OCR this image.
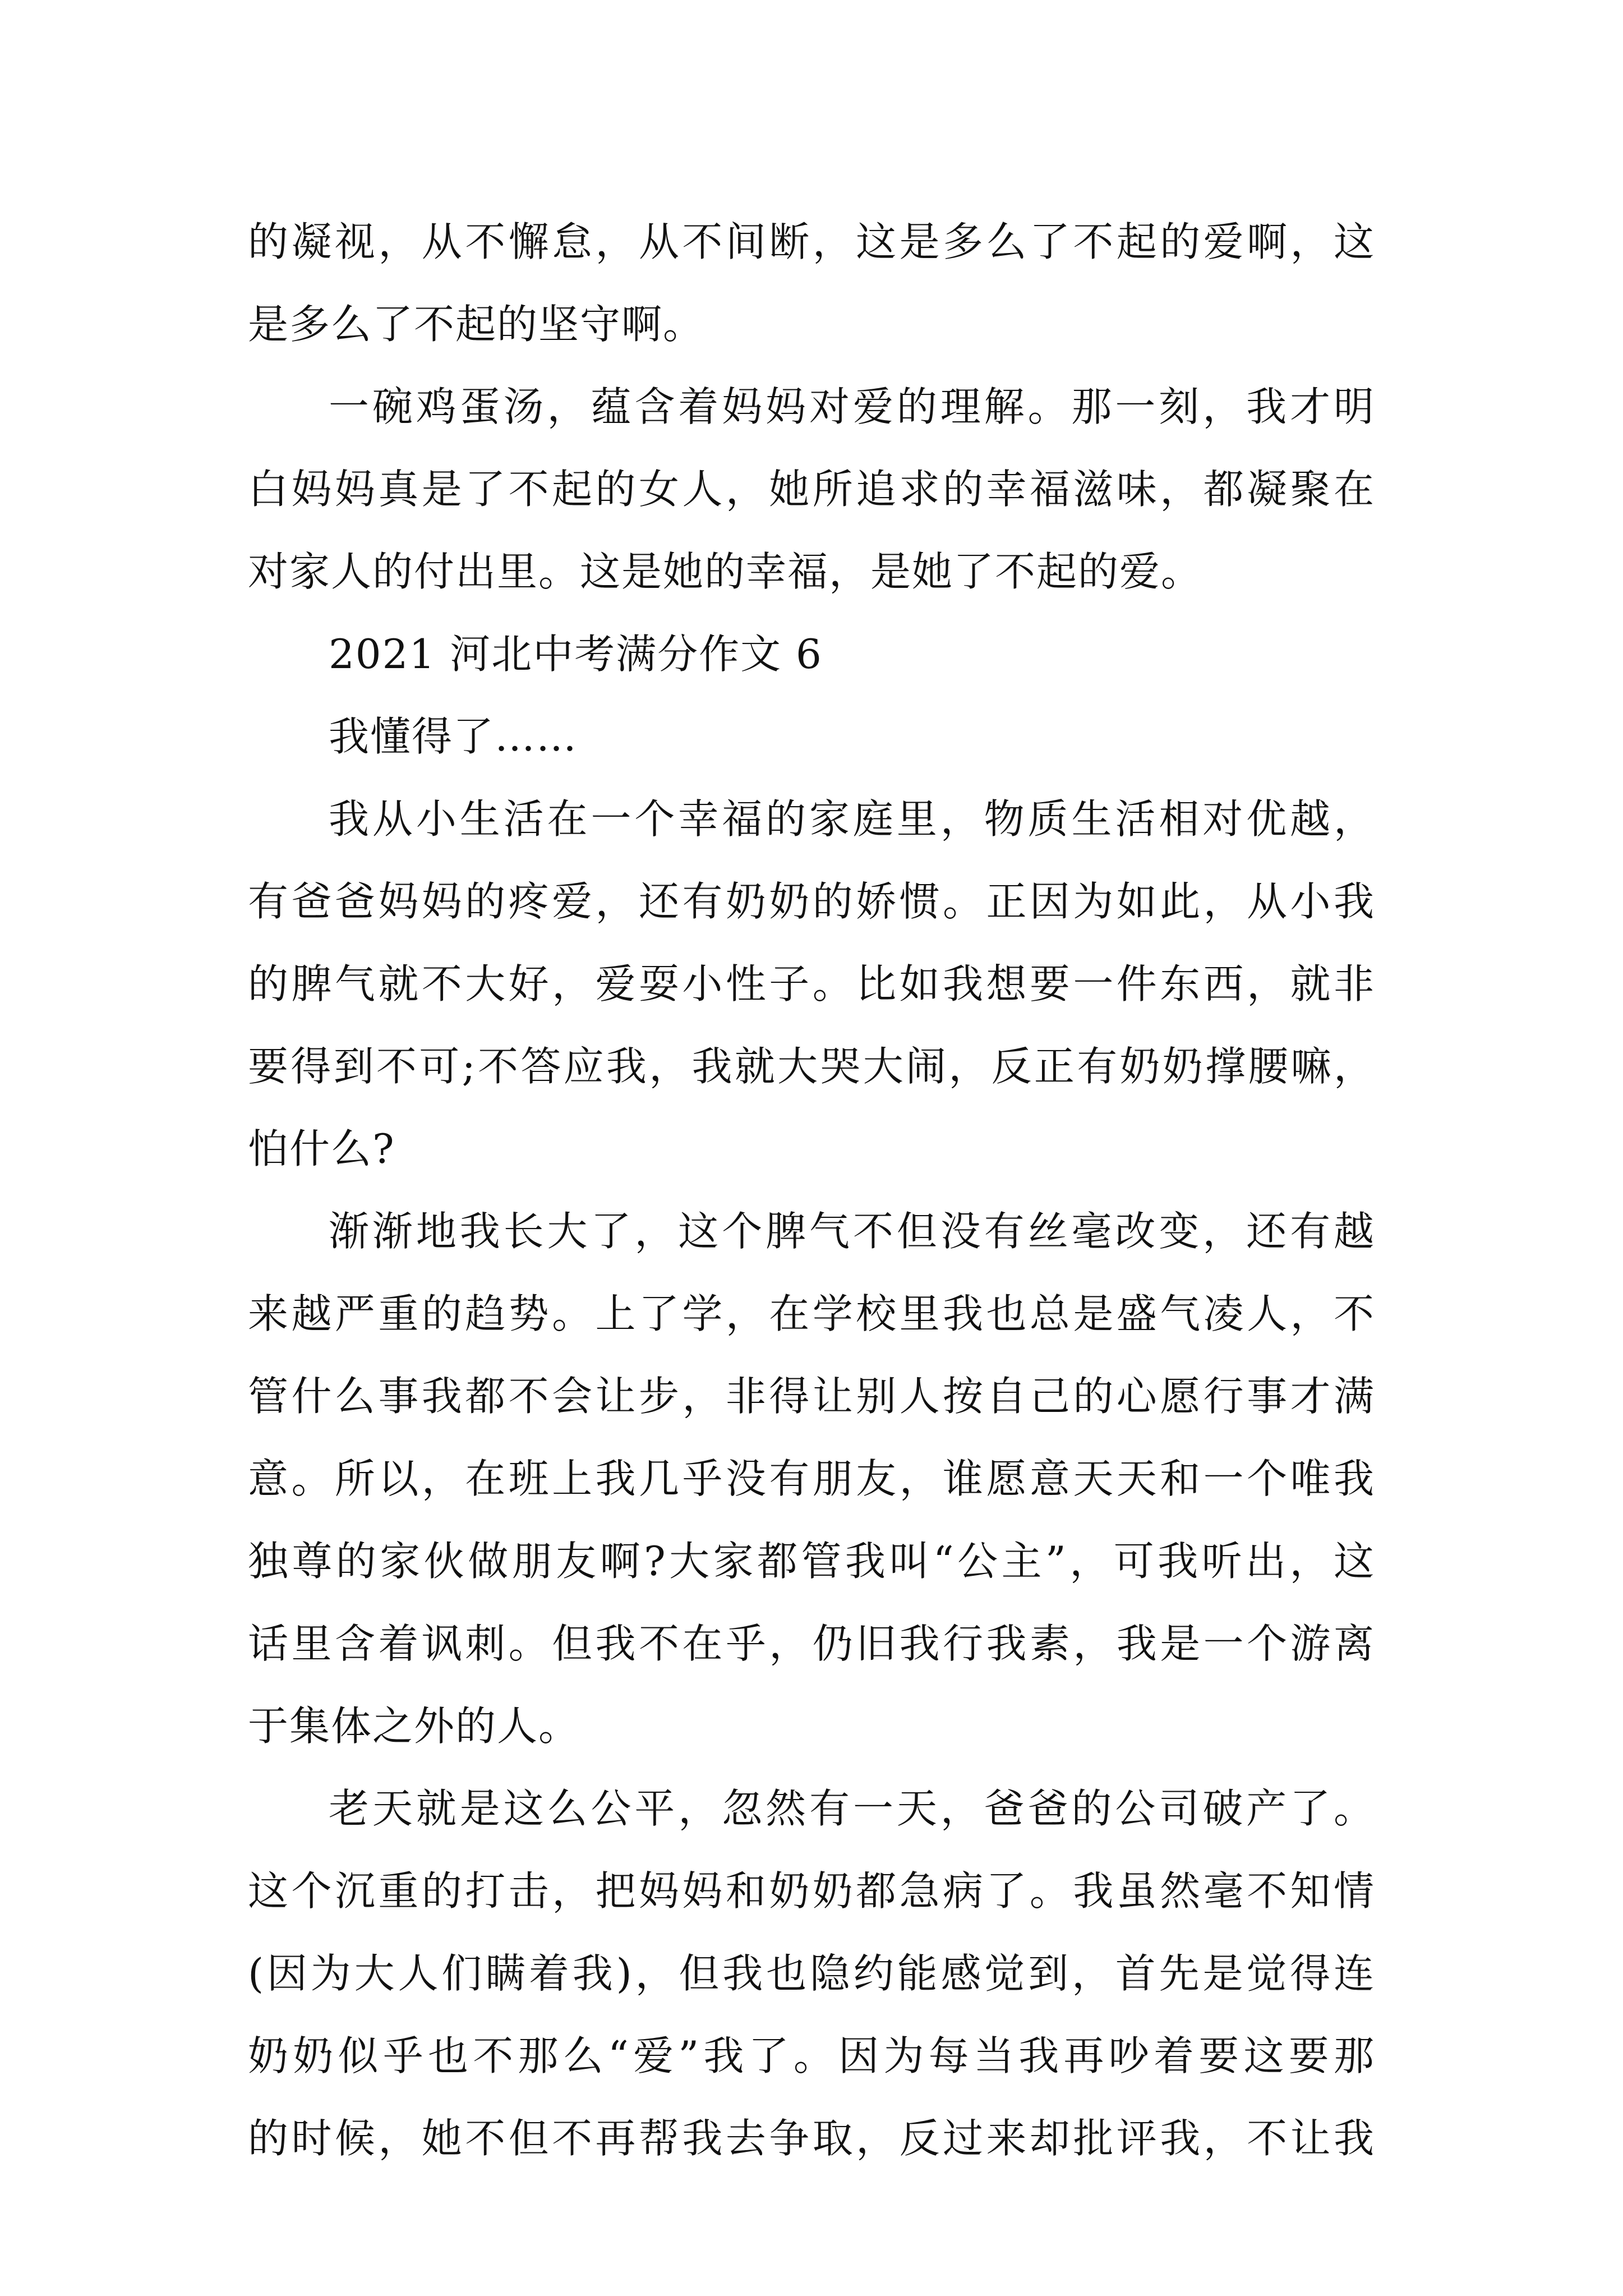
的凝视，从不懈怠，从不间断，这是多么了不起的爱啊，这
是多么了不起的坚守啊。
一碗鸡蛋汤，蕴含着妈妈对爱的理解。那一刻，我才明
白妈妈真是了不起的女人，她所追求的幸福滋味，都凝聚在
对家人的付出里。这是她的幸福，是她了不起的爱。
2021 河北中考满分作文 6
我懂得了……
我从小生活在一个幸福的家庭里，物质生活相对优越，
有爸爸妈妈的疼爱，还有奶奶的娇惯。正因为如此，从小我
的脾气就不大好，爱耍小性子。比如我想要一件东西，就非
要得到不可;不答应我，我就大哭大闹，反正有奶奶撑腰嘛，
怕什么?
渐渐地我长大了，这个脾气不但没有丝毫改变，还有越
来越严重的趋势。上了学，在学校里我也总是盛气凌人，不
管什么事我都不会让步，非得让别人按自己的心愿行事才满
意。所以，在班上我几乎没有朋友，谁愿意天天和一个唯我
独尊的家伙做朋友啊?大家都管我叫“公主”，可我听出，这
话里含着讽刺。但我不在乎，仍旧我行我素，我是一个游离
于集体之外的人。
老天就是这么公平，忽然有一天，爸爸的公司破产了。
这个沉重的打击，把妈妈和奶奶都急病了。我虽然毫不知情
(因为大人们瞒着我)，但我也隐约能感觉到，首先是觉得连
奶奶似乎也不那么“爱”我了。因为每当我再吵着要这要那
的时候，她不但不再帮我去争取，反过来却批评我，不让我
